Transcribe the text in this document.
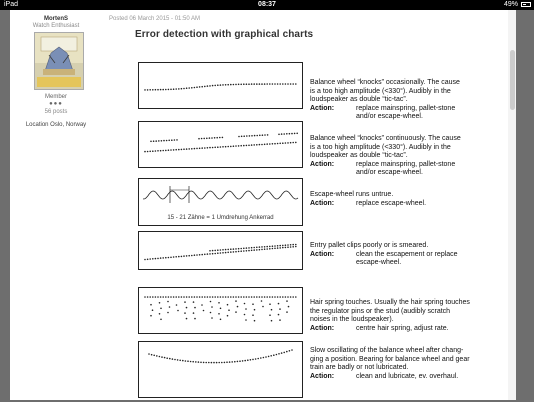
iPad	08:37	49%
MortenS
Watch Enthusiast
Member
●●●
56 posts
Location Oslo, Norway
Posted 06 March 2015 - 01:50 AM
Error detection with graphical charts
Balance wheel “knocks” occasionally. The cause
is a too high amplitude (<330°). Audibly in the
loudspeaker as double “tic-tac”.
Action:	replace mainspring, pallet-stone
and/or escape-wheel.
Balance wheel “knocks” continuously. The cause
is a too high amplitude (<330°). Audibly in the
loudspeaker as double “tic-tac”.
Action:	replace mainspring, pallet-stone
and/or escape-wheel.
15 - 21 Zähne = 1 Umdrehung Ankerrad
Escape-wheel runs untrue.
Action:	replace escape-wheel.
Entry pallet clips poorly or is smeared.
Action:	clean the escapement or replace
escape-wheel.
Hair spring touches. Usually the hair spring touches
the regulator pins or the stud (audibly scratch
noises in the loudspeaker).
Action:	centre hair spring, adjust rate.
Slow oscillating of the balance wheel after chang-
ging a position. Bearing for balance wheel and gear
train are badly or not lubricated.
Action:	clean and lubricate, ev. overhaul.
